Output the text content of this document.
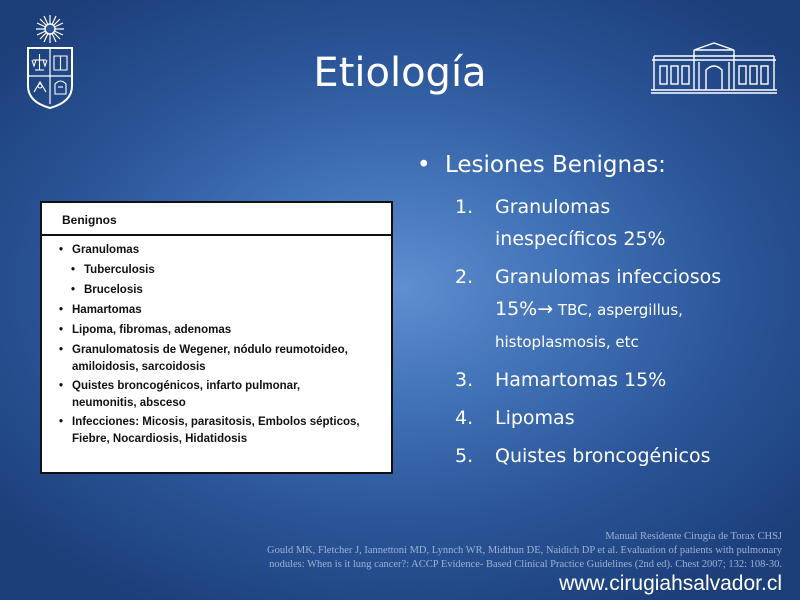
Etiología
Benignos
• Granulomas
• Tuberculosis
• Brucelosis
• Hamartomas
• Lipoma, fibromas, adenomas
• Granulomatosis de Wegener, nódulo reumotoideo,
amiloidosis, sarcoidosis
• Quistes broncogénicos, infarto pulmonar,
neumonitis, absceso
• Infecciones: Micosis, parasitosis, Embolos sépticos,
Fiebre, Nocardiosis, Hidatidosis
• Lesiones Benignas:
1. Granulomas
inespecíficos 25%
2. Granulomas infecciosos
15%→ TBC, aspergillus,
histoplasmosis, etc
3. Hamartomas 15%
4. Lipomas
5. Quistes broncogénicos
Manual Residente Cirugía de Torax CHSJ
Gould MK, Fletcher J, Iannettoni MD, Lynnch WR, Midthun DE, Naidich DP et al. Evaluation of patients with pulmonary
nodules: When is it lung cancer?: ACCP Evidence- Based Clinical Practice Guidelines (2nd ed). Chest 2007; 132: 108-30.
www.cirugiahsalvador.cl
